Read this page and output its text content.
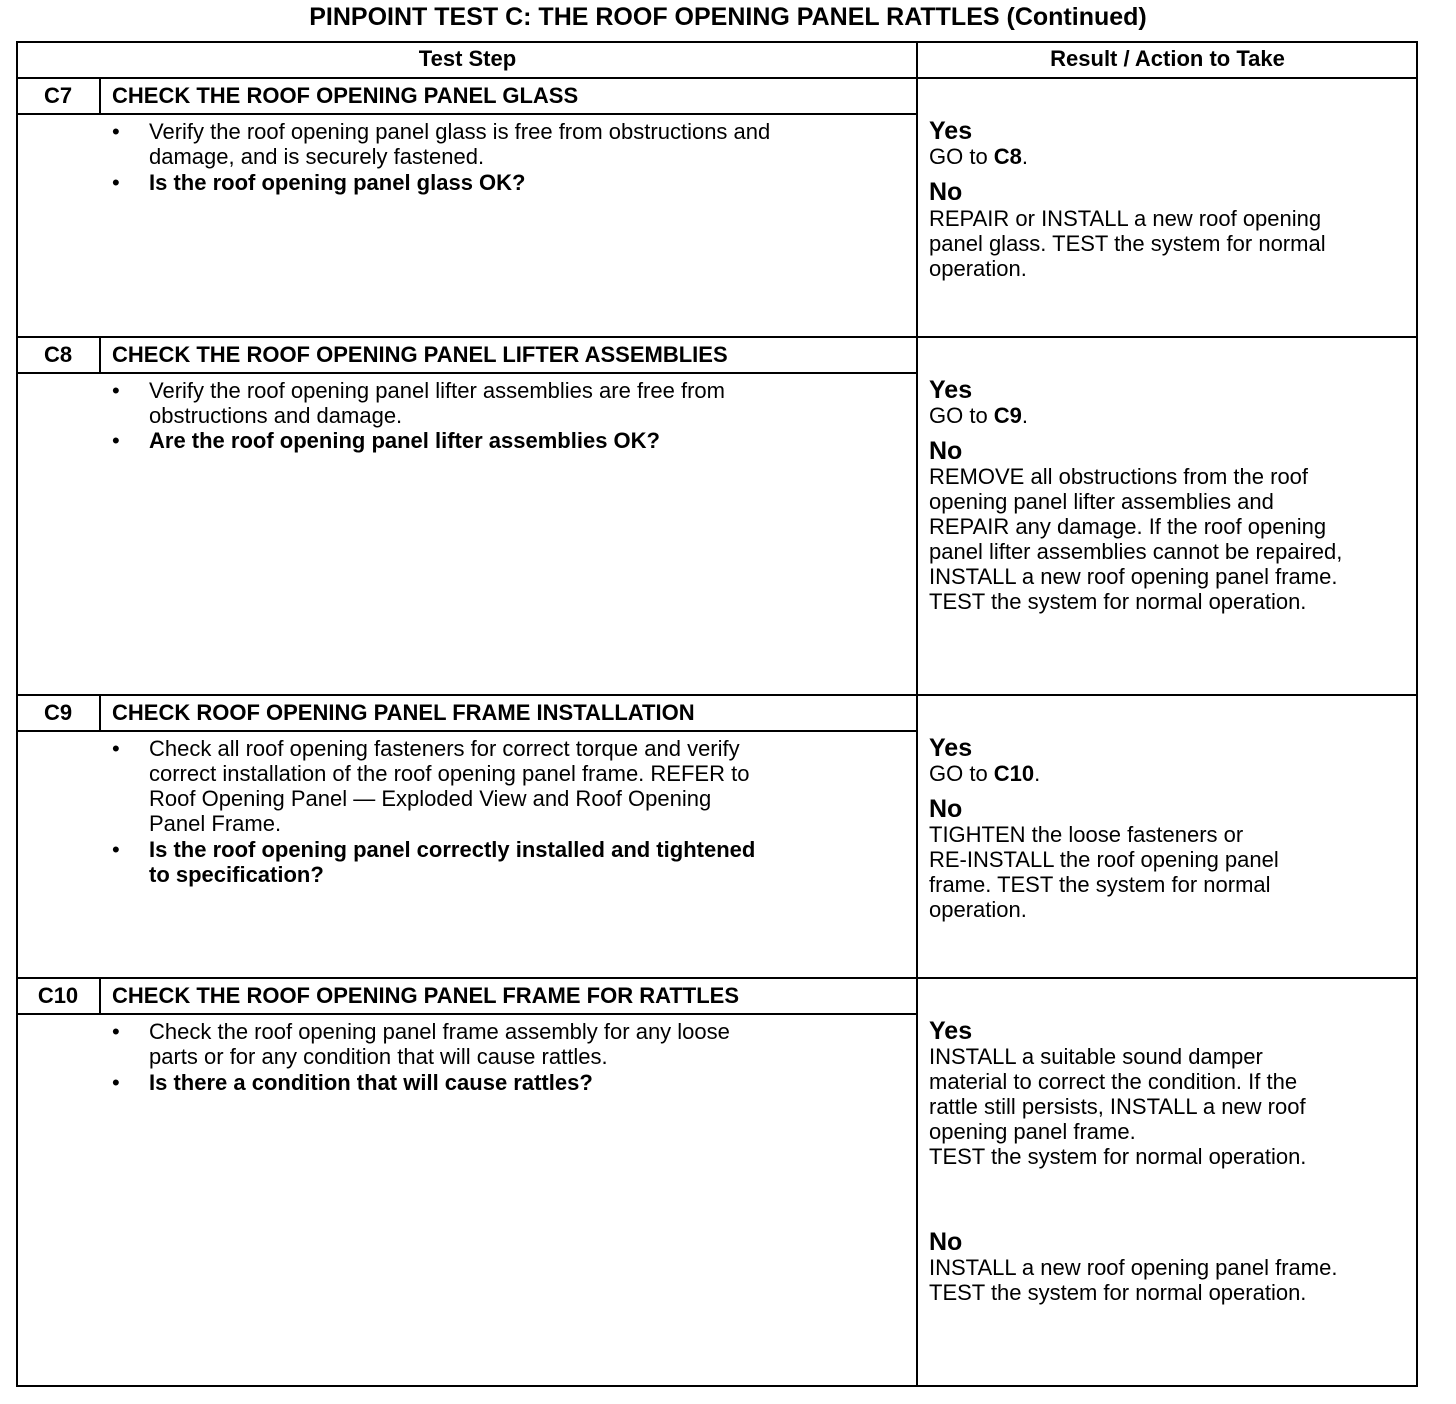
PINPOINT TEST C: THE ROOF OPENING PANEL RATTLES (Continued)
Test Step	Result / Action to Take
C7	CHECK THE ROOF OPENING PANEL GLASS
• Verify the roof opening panel glass is free from obstructions and
damage, and is securely fastened.
• Is the roof opening panel glass OK?
Yes
GO to C8.
No
REPAIR or INSTALL a new roof opening
panel glass. TEST the system for normal
operation.
C8	CHECK THE ROOF OPENING PANEL LIFTER ASSEMBLIES
• Verify the roof opening panel lifter assemblies are free from
obstructions and damage.
• Are the roof opening panel lifter assemblies OK?
Yes
GO to C9.
No
REMOVE all obstructions from the roof
opening panel lifter assemblies and
REPAIR any damage. If the roof opening
panel lifter assemblies cannot be repaired,
INSTALL a new roof opening panel frame.
TEST the system for normal operation.
C9	CHECK ROOF OPENING PANEL FRAME INSTALLATION
• Check all roof opening fasteners for correct torque and verify
correct installation of the roof opening panel frame. REFER to
Roof Opening Panel — Exploded View and Roof Opening
Panel Frame.
• Is the roof opening panel correctly installed and tightened
to specification?
Yes
GO to C10.
No
TIGHTEN the loose fasteners or
RE-INSTALL the roof opening panel
frame. TEST the system for normal
operation.
C10	CHECK THE ROOF OPENING PANEL FRAME FOR RATTLES
• Check the roof opening panel frame assembly for any loose
parts or for any condition that will cause rattles.
• Is there a condition that will cause rattles?
Yes
INSTALL a suitable sound damper
material to correct the condition. If the
rattle still persists, INSTALL a new roof
opening panel frame.
TEST the system for normal operation.
No
INSTALL a new roof opening panel frame.
TEST the system for normal operation.
